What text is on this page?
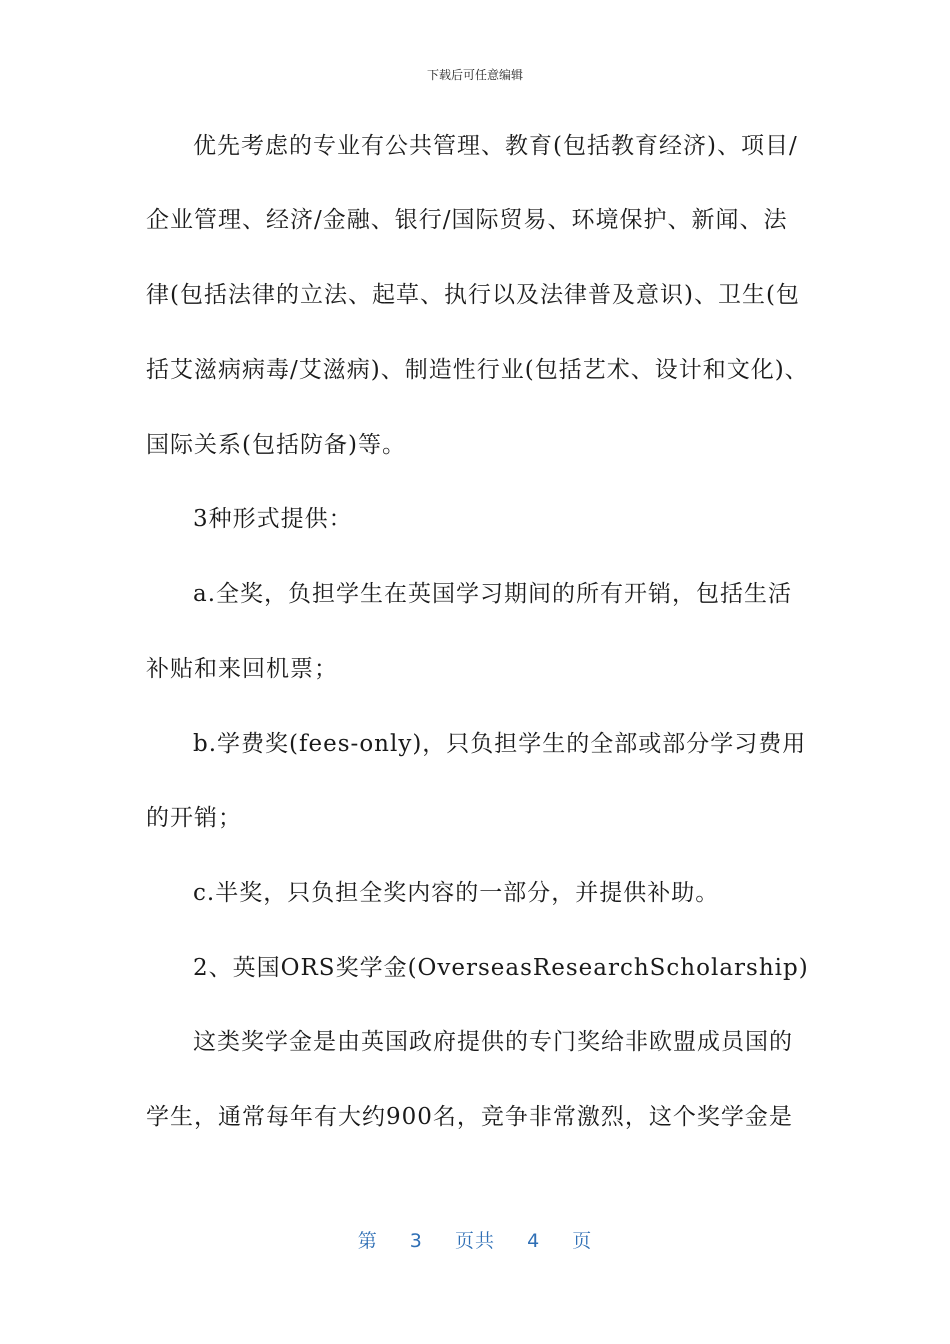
下载后可任意编辑
优先考虑的专业有公共管理、教育(包括教育经济)、项目/
企业管理、经济/金融、银行/国际贸易、环境保护、新闻、法
律(包括法律的立法、起草、执行以及法律普及意识)、卫生(包
括艾滋病病毒/艾滋病)、制造性行业(包括艺术、设计和文化)、
国际关系(包括防备)等。
3种形式提供：
a.全奖，负担学生在英国学习期间的所有开销，包括生活
补贴和来回机票；
b.学费奖(fees-only)，只负担学生的全部或部分学习费用
的开销；
c.半奖，只负担全奖内容的一部分，并提供补助。
2、英国ORS奖学金(OverseasResearchScholarship)
这类奖学金是由英国政府提供的专门奖给非欧盟成员国的
学生，通常每年有大约900名，竞争非常激烈，这个奖学金是
第 3 页共 4 页
